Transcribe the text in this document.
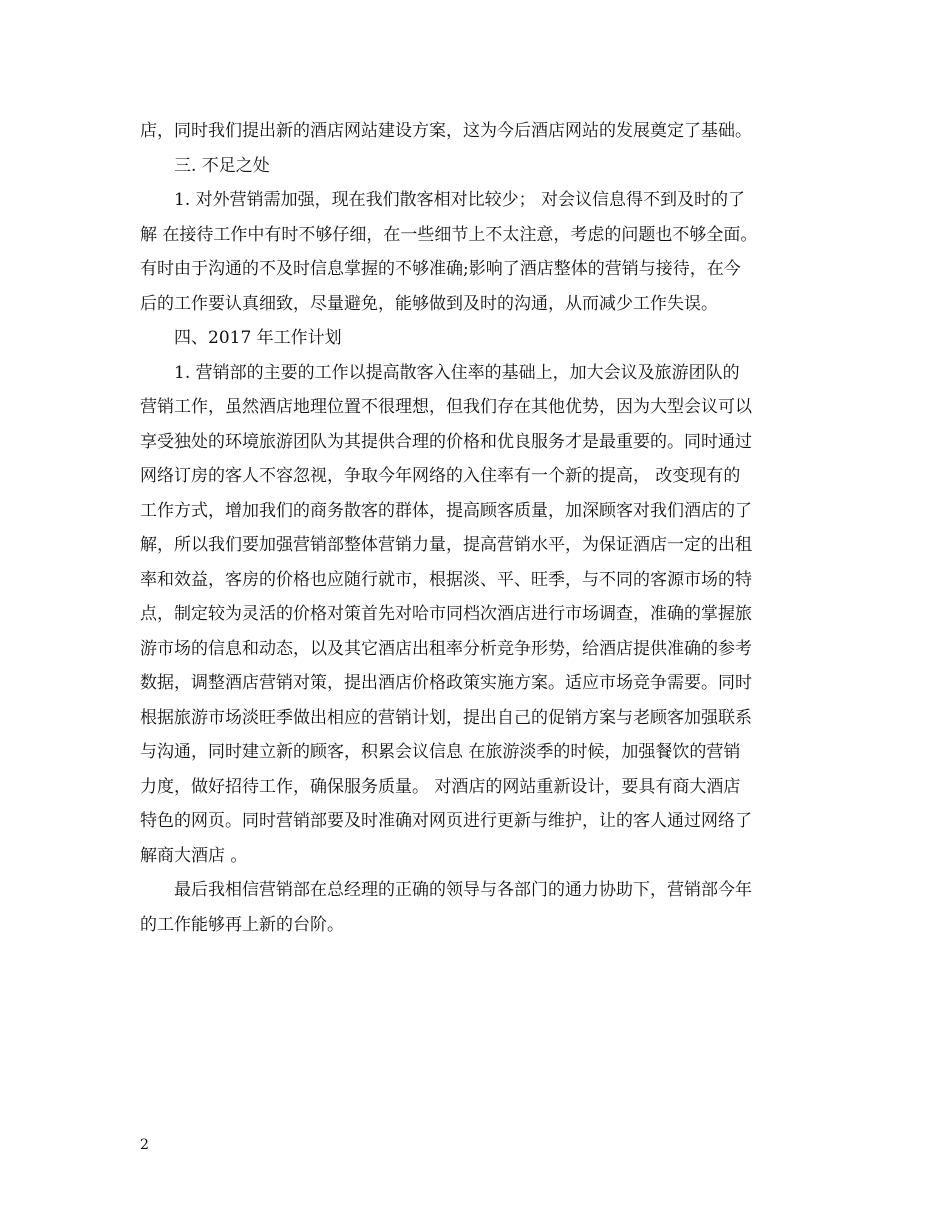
店，同时我们提出新的酒店网站建设方案，这为今后酒店网站的发展奠定了基础。
三. 不足之处
1. 对外营销需加强，现在我们散客相对比较少； 对会议信息得不到及时的了
解 在接待工作中有时不够仔细，在一些细节上不太注意，考虑的问题也不够全面。
有时由于沟通的不及时信息掌握的不够准确;影响了酒店整体的营销与接待，在今
后的工作要认真细致，尽量避免，能够做到及时的沟通，从而减少工作失误。
四、2017 年工作计划
1. 营销部的主要的工作以提高散客入住率的基础上，加大会议及旅游团队的
营销工作，虽然酒店地理位置不很理想，但我们存在其他优势，因为大型会议可以
享受独处的环境旅游团队为其提供合理的价格和优良服务才是最重要的。同时通过
网络订房的客人不容忽视，争取今年网络的入住率有一个新的提高， 改变现有的
工作方式，增加我们的商务散客的群体，提高顾客质量，加深顾客对我们酒店的了
解，所以我们要加强营销部整体营销力量，提高营销水平，为保证酒店一定的出租
率和效益，客房的价格也应随行就市，根据淡、平、旺季，与不同的客源市场的特
点，制定较为灵活的价格对策首先对哈市同档次酒店进行市场调查，准确的掌握旅
游市场的信息和动态，以及其它酒店出租率分析竞争形势，给酒店提供准确的参考
数据，调整酒店营销对策，提出酒店价格政策实施方案。适应市场竞争需要。同时
根据旅游市场淡旺季做出相应的营销计划，提出自己的促销方案与老顾客加强联系
与沟通，同时建立新的顾客，积累会议信息 在旅游淡季的时候，加强餐饮的营销
力度，做好招待工作，确保服务质量。 对酒店的网站重新设计，要具有商大酒店
特色的网页。同时营销部要及时准确对网页进行更新与维护，让的客人通过网络了
解商大酒店 。
最后我相信营销部在总经理的正确的领导与各部门的通力协助下，营销部今年
的工作能够再上新的台阶。
2
